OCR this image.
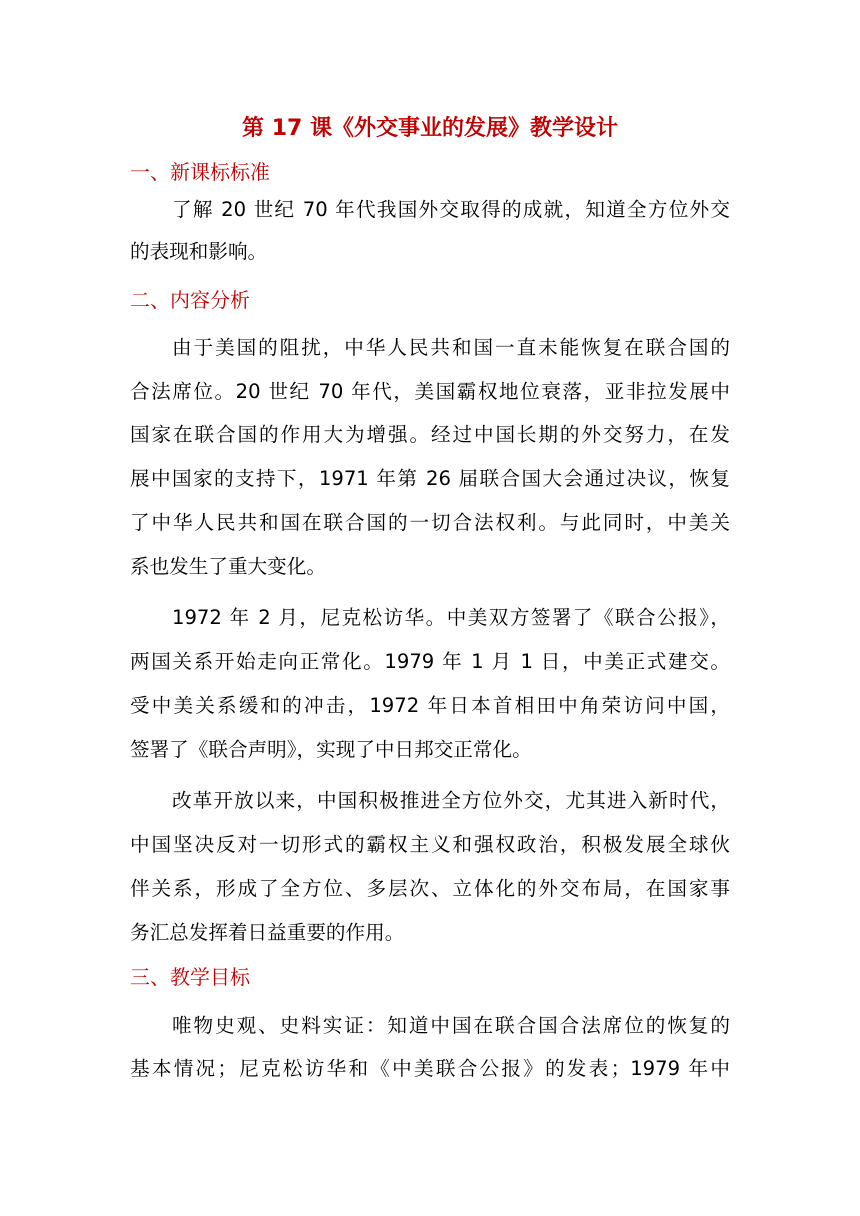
第 17 课《外交事业的发展》教学设计
一、新课标标准
了解 20 世纪 70 年代我国外交取得的成就，知道全方位外交
的表现和影响。
二、内容分析
由于美国的阻扰，中华人民共和国一直未能恢复在联合国的
合法席位。20 世纪 70 年代，美国霸权地位衰落，亚非拉发展中
国家在联合国的作用大为增强。经过中国长期的外交努力，在发
展中国家的支持下，1971 年第 26 届联合国大会通过决议，恢复
了中华人民共和国在联合国的一切合法权利。与此同时，中美关
系也发生了重大变化。
1972 年 2 月，尼克松访华。中美双方签署了《联合公报》，
两国关系开始走向正常化。1979 年 1 月 1 日，中美正式建交。
受中美关系缓和的冲击，1972 年日本首相田中角荣访问中国，
签署了《联合声明》，实现了中日邦交正常化。
改革开放以来，中国积极推进全方位外交，尤其进入新时代，
中国坚决反对一切形式的霸权主义和强权政治，积极发展全球伙
伴关系，形成了全方位、多层次、立体化的外交布局，在国家事
务汇总发挥着日益重要的作用。
三、教学目标
唯物史观、史料实证：知道中国在联合国合法席位的恢复的
基本情况；尼克松访华和《中美联合公报》的发表；1979 年中
